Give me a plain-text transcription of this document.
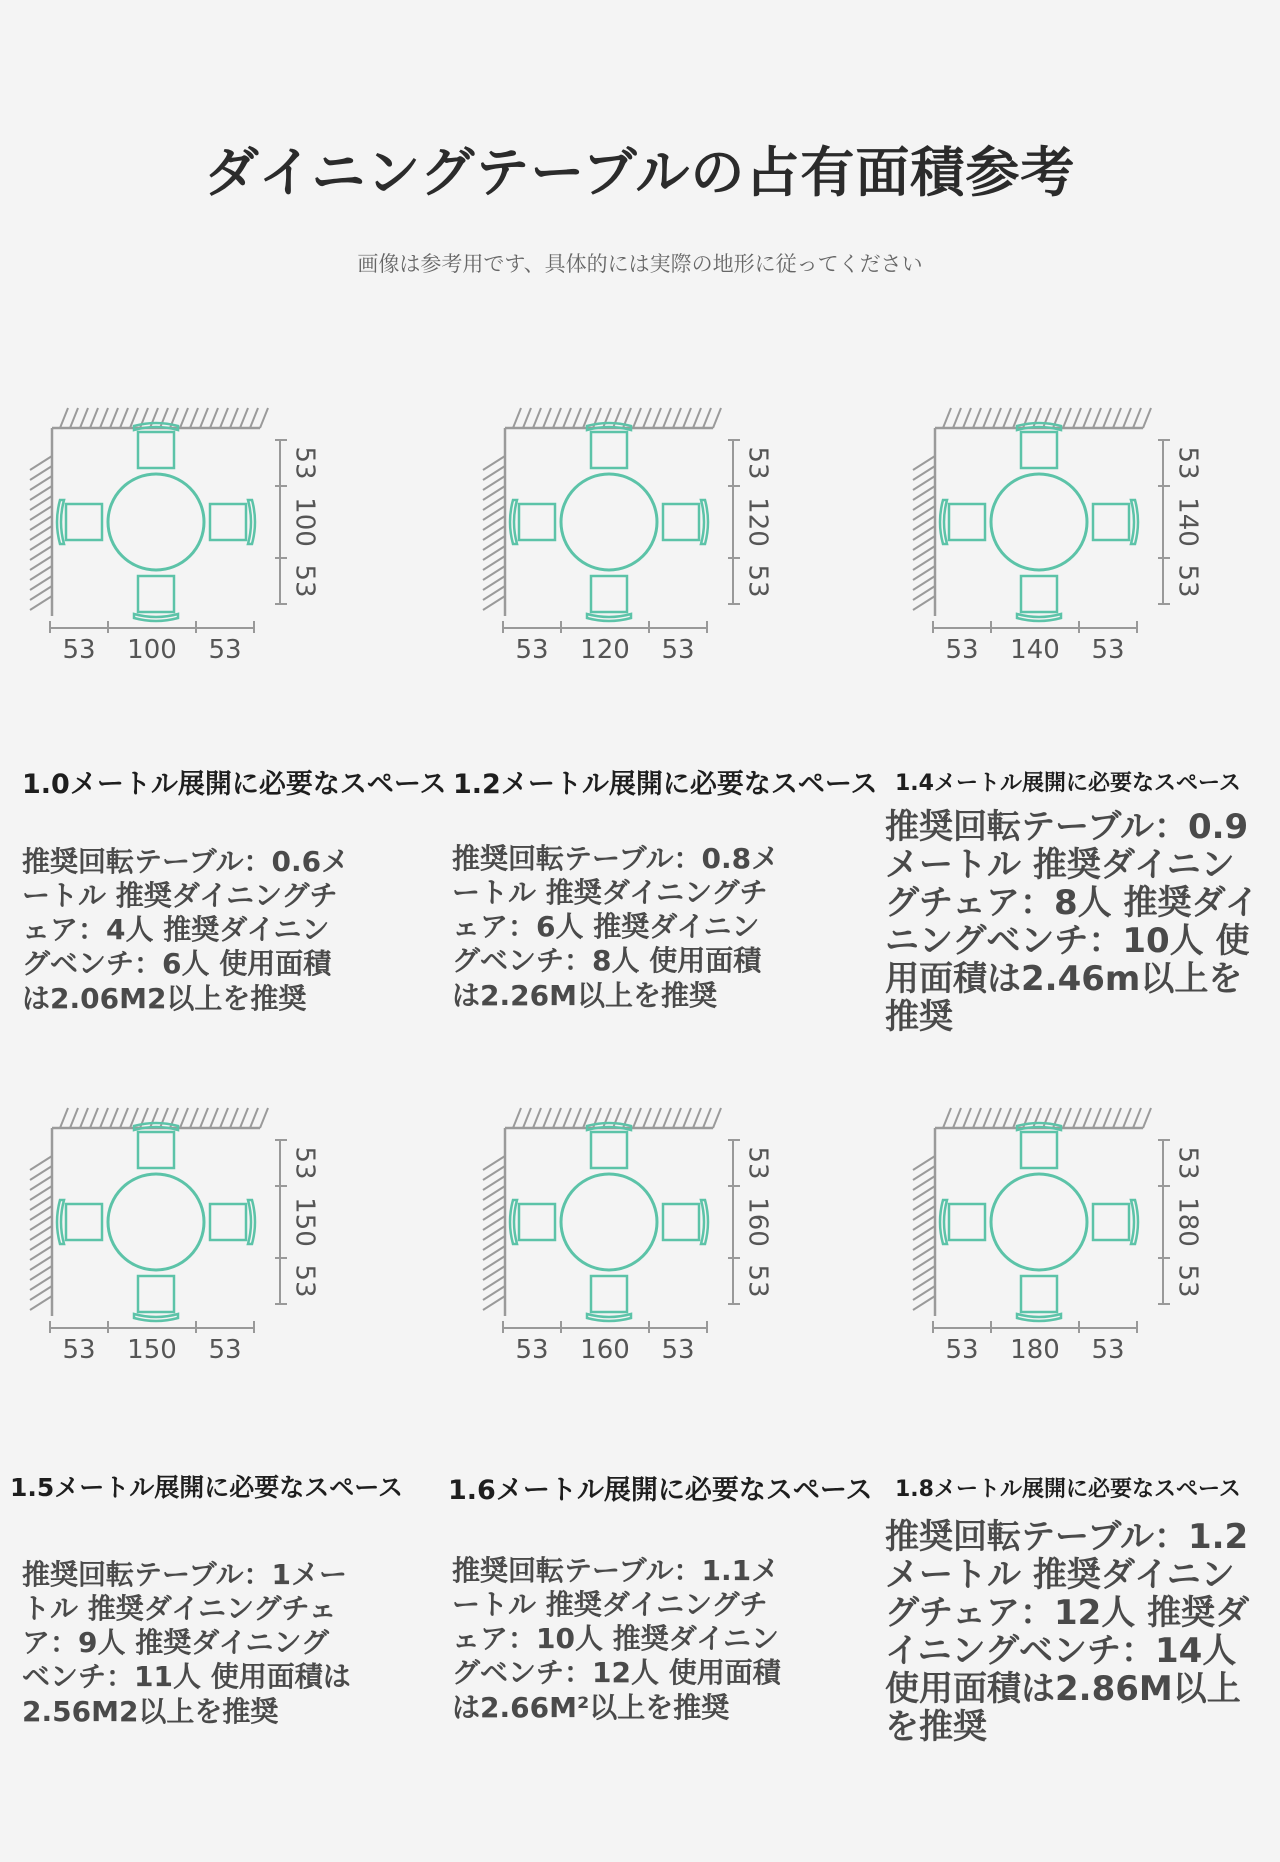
ダイニングテーブルの占有面積参考
画像は参考用です、具体的には実際の地形に従ってください
53
100
53
53 100 53
53
120
53
53 120 53
53
140
53
53 140 53
53
150
53
53 150 53
53
160
53
53 160 53
53
180
53
53 180 53
1.0メートル展開に必要なスペース 1.2メートル展開に必要なスペース 1.4メートル展開に必要なスペース
1.5メートル展開に必要なスペース 1.6メートル展開に必要なスペース 1.8メートル展開に必要なスペース
推奨回転テーブル：0.6メートル 推奨ダイニングチェア：4人 推奨ダイニングベンチ：6人 使用面積は2.06M2以上を推奨
推奨回転テーブル：0.8メートル 推奨ダイニングチェア：6人 推奨ダイニングベンチ：8人 使用面積は2.26M以上を推奨
推奨回転テーブル：0.9メートル 推奨ダイニングチェア：8人 推奨ダイニングベンチ：10人 使用面積は2.46m以上を推奨
推奨回転テーブル：1メートル 推奨ダイニングチェア：9人 推奨ダイニングベンチ：11人 使用面積は2.56M2以上を推奨
推奨回転テーブル：1.1メートル 推奨ダイニングチェア：10人 推奨ダイニングベンチ：12人 使用面積は2.66M²以上を推奨
推奨回転テーブル：1.2メートル 推奨ダイニングチェア：12人 推奨ダイニングベンチ：14人 使用面積は2.86M以上を推奨
